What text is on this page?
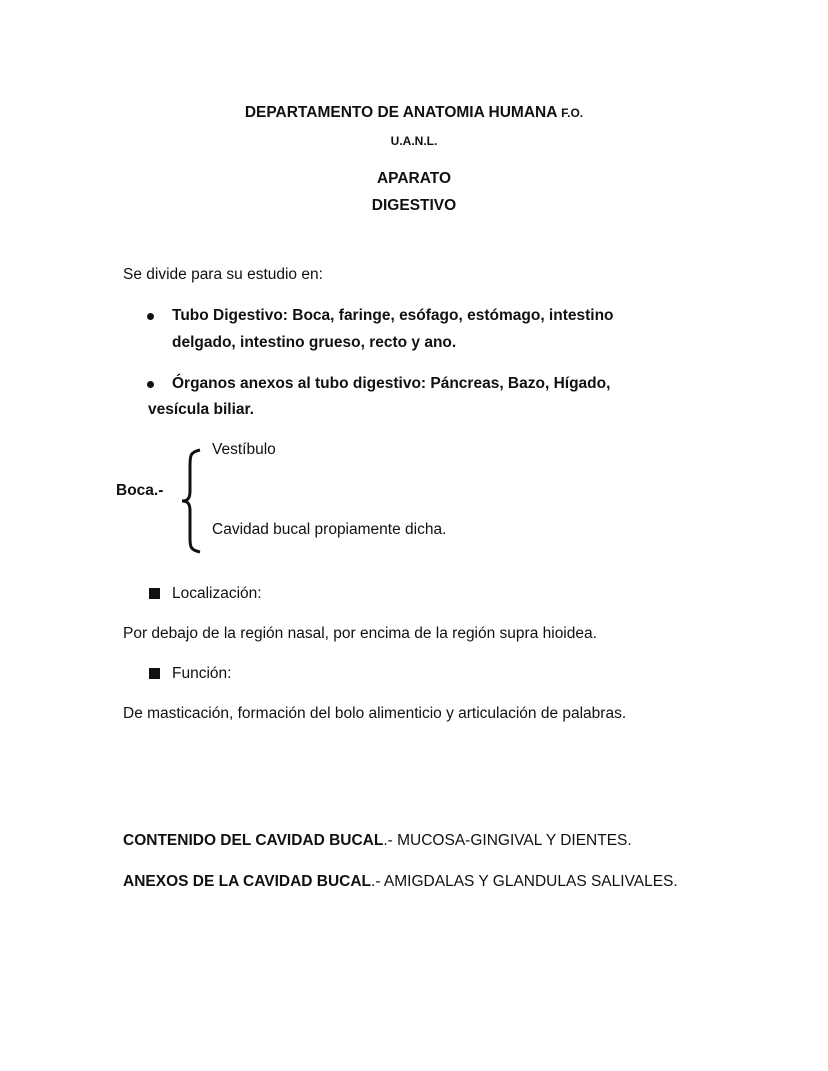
DEPARTAMENTO DE ANATOMIA HUMANA F.O.
U.A.N.L.
APARATO
DIGESTIVO
Se divide para su estudio en:
Tubo Digestivo: Boca, faringe, esófago, estómago, intestino
delgado, intestino grueso, recto y ano.
Órganos anexos al tubo digestivo: Páncreas, Bazo, Hígado,
vesícula biliar.
Boca.-
Vestíbulo
Cavidad bucal propiamente dicha.
Localización:
Por debajo de la región nasal, por encima de la región supra hioidea.
Función:
De masticación, formación del bolo alimenticio y articulación de palabras.
CONTENIDO DEL CAVIDAD BUCAL.- MUCOSA-GINGIVAL Y DIENTES.
ANEXOS DE LA CAVIDAD BUCAL.- AMIGDALAS Y GLANDULAS SALIVALES.
